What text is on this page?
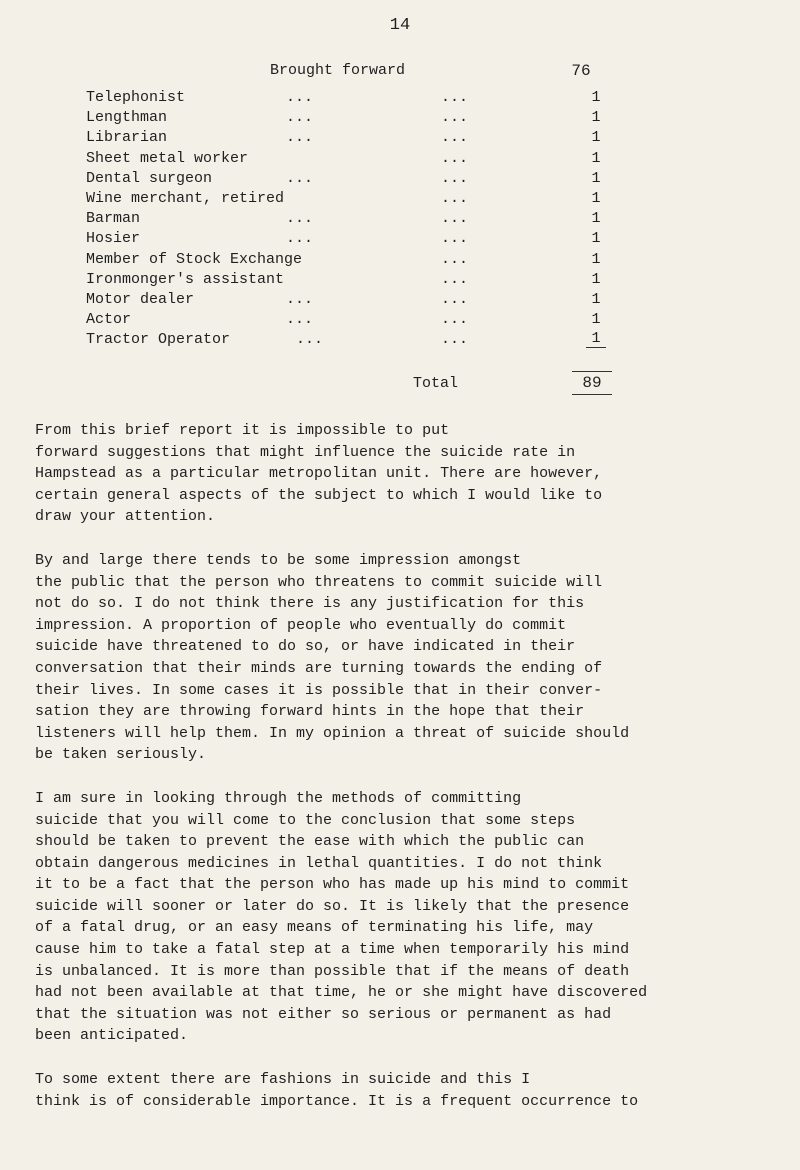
14
Brought forward	76
Telephonist	...	...	1
Lengthman	...	...	1
Librarian	...	...	1
Sheet metal worker	...	1
Dental surgeon	...	...	1
Wine merchant, retired	...	1
Barman	...	...	1
Hosier	...	...	1
Member of Stock Exchange	...	1
Ironmonger's assistant	...	1
Motor dealer	...	...	1
Actor	...	...	1
Tractor Operator	...	...	1
Total	89

From this brief report it is impossible to put
forward suggestions that might influence the suicide rate in
Hampstead as a particular metropolitan unit. There are however,
certain general aspects of the subject to which I would like to
draw your attention.

By and large there tends to be some impression amongst
the public that the person who threatens to commit suicide will
not do so. I do not think there is any justification for this
impression. A proportion of people who eventually do commit
suicide have threatened to do so, or have indicated in their
conversation that their minds are turning towards the ending of
their lives. In some cases it is possible that in their conver-
sation they are throwing forward hints in the hope that their
listeners will help them. In my opinion a threat of suicide should
be taken seriously.

I am sure in looking through the methods of committing
suicide that you will come to the conclusion that some steps
should be taken to prevent the ease with which the public can
obtain dangerous medicines in lethal quantities. I do not think
it to be a fact that the person who has made up his mind to commit
suicide will sooner or later do so. It is likely that the presence
of a fatal drug, or an easy means of terminating his life, may
cause him to take a fatal step at a time when temporarily his mind
is unbalanced. It is more than possible that if the means of death
had not been available at that time, he or she might have discovered
that the situation was not either so serious or permanent as had
been anticipated.

To some extent there are fashions in suicide and this I
think is of considerable importance. It is a frequent occurrence to
